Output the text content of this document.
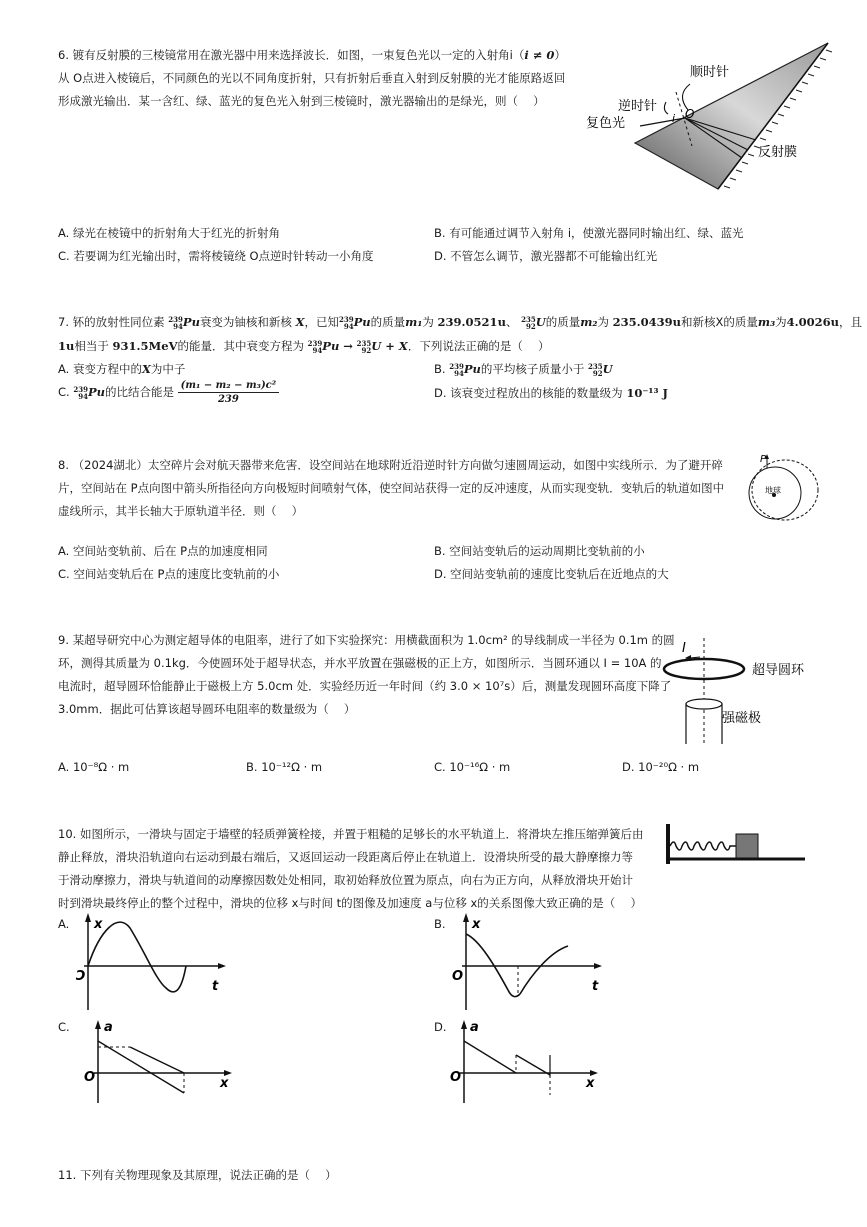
6. 镀有反射膜的三棱镜常用在激光器中用来选择波长．如图，一束复色光以一定的入射角i（i ≠ 0）
从 O点进入棱镜后，不同颜色的光以不同角度折射，只有折射后垂直入射到反射膜的光才能原路返回
形成激光输出．某一含红、绿、蓝光的复色光入射到三棱镜时，激光器输出的是绿光，则（　 ）
顺时针
逆时针
复色光
反射膜
O
i
A. 绿光在棱镜中的折射角大于红光的折射角	B. 有可能通过调节入射角 i，使激光器同时输出红、绿、蓝光
C. 若要调为红光输出时，需将棱镜绕 O点逆时针转动一小角度	D. 不管怎么调节，激光器都不可能输出红光
7. 钚的放射性同位素 239
94Pu衰变为铀核和新核 X，已知239
94Pu的质量m₁为 239.0521u、 235
92U的质量m₂为 235.0439u和新核X的质量m₃为4.0026u，且
1u相当于 931.5MeV的能量．其中衰变方程为 239
94Pu → 235
92U + X．下列说法正确的是（　 ）
A. 衰变方程中的X为中子	B. 239
94Pu的平均核子质量小于 235
92U
C. 239
94Pu的比结合能是 $\frac{\text{(m₁ − m₂ − m₃)c²}}{239}$	D. 该衰变过程放出的核能的数量级为 10⁻¹³ J
8. （2024湖北）太空碎片会对航天器带来危害．设空间站在地球附近沿逆时针方向做匀速圆周运动，如图中实线所示．为了避开碎
片，空间站在 P点向图中箭头所指径向方向极短时间喷射气体，使空间站获得一定的反冲速度，从而实现变轨．变轨后的轨道如图中
虚线所示，其半长轴大于原轨道半径．则（　 ）
P
地球
A. 空间站变轨前、后在 P点的加速度相同	B. 空间站变轨后的运动周期比变轨前的小
C. 空间站变轨后在 P点的速度比变轨前的小	D. 空间站变轨前的速度比变轨后在近地点的大
9. 某超导研究中心为测定超导体的电阻率，进行了如下实验探究：用横截面积为 1.0cm² 的导线制成一半径为 0.1m 的圆
环，测得其质量为 0.1kg．今使圆环处于超导状态，并水平放置在强磁极的正上方，如图所示．当圆环通以 I = 10A 的
电流时，超导圆环恰能静止于磁极上方 5.0cm 处．实验经历近一年时间（约 3.0 × 10⁷s）后，测量发现圆环高度下降了
3.0mm．据此可估算该超导圆环电阻率的数量级为（　 ）
I
超导圆环
强磁极
A. 10⁻⁸Ω · m	B. 10⁻¹²Ω · m	C. 10⁻¹⁶Ω · m	D. 10⁻²⁰Ω · m
10. 如图所示，一滑块与固定于墙壁的轻质弹簧栓接，并置于粗糙的足够长的水平轨道上．将滑块左推压缩弹簧后由
静止释放，滑块沿轨道向右运动到最右端后，又返回运动一段距离后停止在轨道上．设滑块所受的最大静摩擦力等
于滑动摩擦力，滑块与轨道间的动摩擦因数处处相同，取初始释放位置为原点，向右为正方向，从释放滑块开始计
时到滑块最终停止的整个过程中，滑块的位移 x与时间 t的图像及加速度 a与位移 x的关系图像大致正确的是（　 ）
A. x
Ɔ
t
B. x
O
t
C.	a
O	x
D. a
O	x
11. 下列有关物理现象及其原理，说法正确的是（　 ）
